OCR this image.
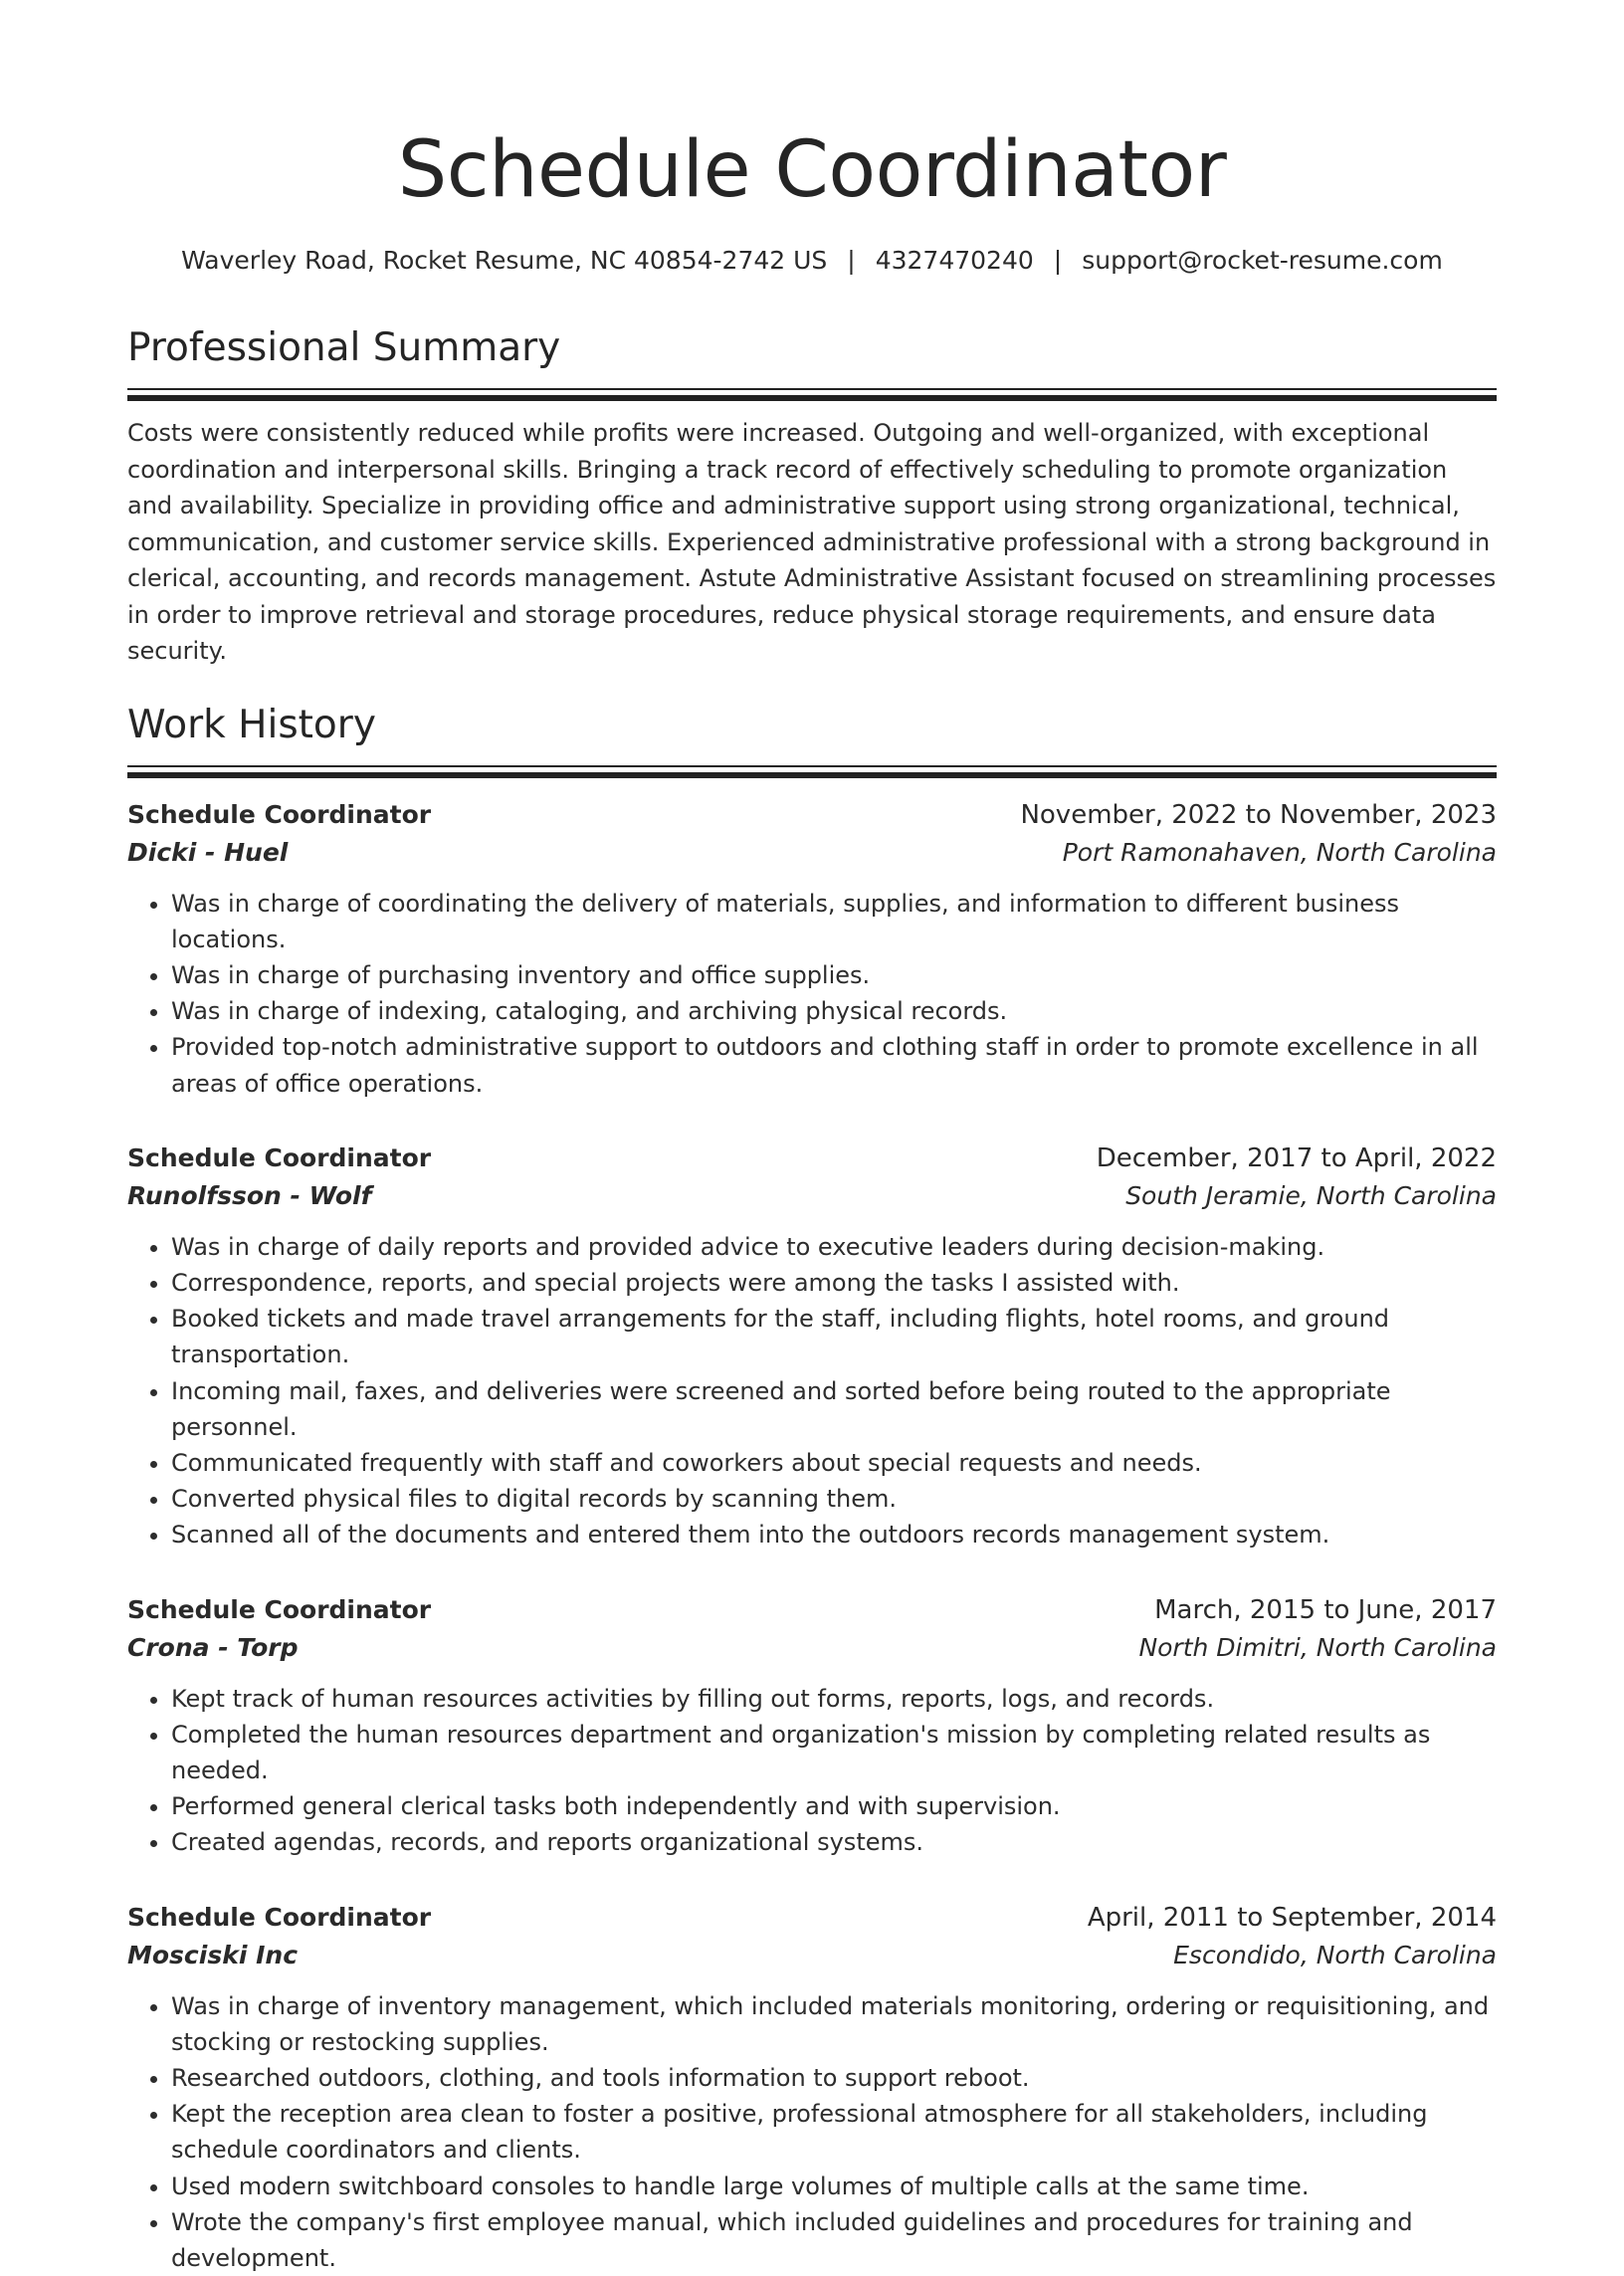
Schedule Coordinator
Waverley Road, Rocket Resume, NC 40854-2742 US | 4327470240 | support@rocket-resume.com
Professional Summary

Costs were consistently reduced while profits were increased. Outgoing and well-organized, with exceptional coordination and interpersonal skills. Bringing a track record of effectively scheduling to promote organization and availability. Specialize in providing office and administrative support using strong organizational, technical, communication, and customer service skills. Experienced administrative professional with a strong background in clerical, accounting, and records management. Astute Administrative Assistant focused on streamlining processes in order to improve retrieval and storage procedures, reduce physical storage requirements, and ensure data security.

Work History
Schedule Coordinator	November, 2022 to November, 2023
Dicki - Huel	Port Ramonahaven, North Carolina
• Was in charge of coordinating the delivery of materials, supplies, and information to different business locations.
• Was in charge of purchasing inventory and office supplies.
• Was in charge of indexing, cataloging, and archiving physical records.
• Provided top-notch administrative support to outdoors and clothing staff in order to promote excellence in all areas of office operations.
Schedule Coordinator	December, 2017 to April, 2022
Runolfsson - Wolf	South Jeramie, North Carolina
• Was in charge of daily reports and provided advice to executive leaders during decision-making.
• Correspondence, reports, and special projects were among the tasks I assisted with.
• Booked tickets and made travel arrangements for the staff, including flights, hotel rooms, and ground transportation.
• Incoming mail, faxes, and deliveries were screened and sorted before being routed to the appropriate personnel.
• Communicated frequently with staff and coworkers about special requests and needs.
• Converted physical files to digital records by scanning them.
• Scanned all of the documents and entered them into the outdoors records management system.
Schedule Coordinator	March, 2015 to June, 2017
Crona - Torp	North Dimitri, North Carolina
• Kept track of human resources activities by filling out forms, reports, logs, and records.
• Completed the human resources department and organization's mission by completing related results as needed.
• Performed general clerical tasks both independently and with supervision.
• Created agendas, records, and reports organizational systems.
Schedule Coordinator	April, 2011 to September, 2014
Mosciski Inc	Escondido, North Carolina
• Was in charge of inventory management, which included materials monitoring, ordering or requisitioning, and stocking or restocking supplies.
• Researched outdoors, clothing, and tools information to support reboot.
• Kept the reception area clean to foster a positive, professional atmosphere for all stakeholders, including schedule coordinators and clients.
• Used modern switchboard consoles to handle large volumes of multiple calls at the same time.
• Wrote the company's first employee manual, which included guidelines and procedures for training and development.
